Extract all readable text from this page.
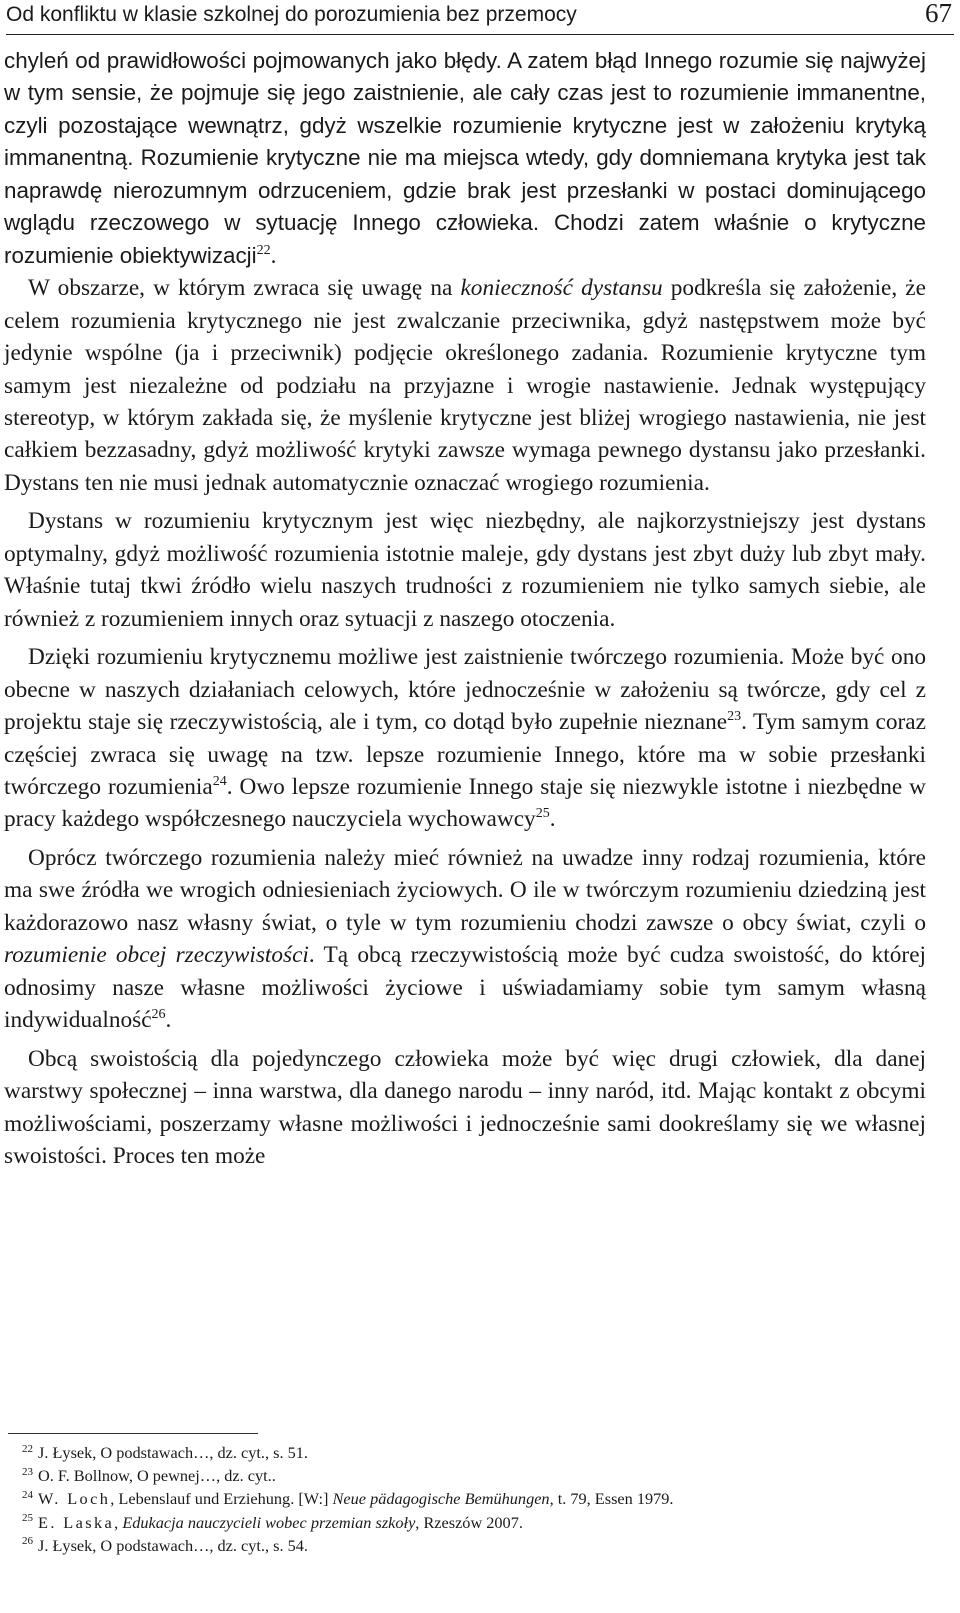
Od konfliktu w klasie szkolnej do porozumienia bez przemocy	67

chyleń od prawidłowości pojmowanych jako błędy. A zatem błąd Innego rozumie się najwyżej w tym sensie, że pojmuje się jego zaistnienie, ale cały czas jest to rozumienie immanentne, czyli pozostające wewnątrz, gdyż wszelkie rozumienie krytyczne jest w założeniu krytyką immanentną. Rozumienie krytyczne nie ma miejsca wtedy, gdy domniemana krytyka jest tak naprawdę nierozumnym odrzuceniem, gdzie brak jest przesłanki w postaci dominującego wglądu rzeczowego w sytuację Innego człowieka. Chodzi zatem właśnie o krytyczne rozumienie obiektywizacji$^{22}$.

W obszarze, w którym zwraca się uwagę na konieczność dystansu podkreśla się założenie, że celem rozumienia krytycznego nie jest zwalczanie przeciwnika, gdyż następstwem może być jedynie wspólne (ja i przeciwnik) podjęcie określonego zadania. Rozumienie krytyczne tym samym jest niezależne od podziału na przyjazne i wrogie nastawienie. Jednak występujący stereotyp, w którym zakłada się, że myślenie krytyczne jest bliżej wrogiego nastawienia, nie jest całkiem bezzasadny, gdyż możliwość krytyki zawsze wymaga pewnego dystansu jako przesłanki. Dystans ten nie musi jednak automatycznie oznaczać wrogiego rozumienia.

Dystans w rozumieniu krytycznym jest więc niezbędny, ale najkorzystniejszy jest dystans optymalny, gdyż możliwość rozumienia istotnie maleje, gdy dystans jest zbyt duży lub zbyt mały. Właśnie tutaj tkwi źródło wielu naszych trudności z rozumieniem nie tylko samych siebie, ale również z rozumieniem innych oraz sytuacji z naszego otoczenia.

Dzięki rozumieniu krytycznemu możliwe jest zaistnienie twórczego rozumienia. Może być ono obecne w naszych działaniach celowych, które jednocześnie w założeniu są twórcze, gdy cel z projektu staje się rzeczywistością, ale i tym, co dotąd było zupełnie nieznane$^{23}$. Tym samym coraz częściej zwraca się uwagę na tzw. lepsze rozumienie Innego, które ma w sobie przesłanki twórczego rozumienia$^{24}$. Owo lepsze rozumienie Innego staje się niezwykle istotne i niezbędne w pracy każdego współczesnego nauczyciela wychowawcy$^{25}$.

Oprócz twórczego rozumienia należy mieć również na uwadze inny rodzaj rozumienia, które ma swe źródła we wrogich odniesieniach życiowych. O ile w twórczym rozumieniu dziedziną jest każdorazowo nasz własny świat, o tyle w tym rozumieniu chodzi zawsze o obcy świat, czyli o rozumienie obcej rzeczywistości. Tą obcą rzeczywistością może być cudza swoistość, do której odnosimy nasze własne możliwości życiowe i uświadamiamy sobie tym samym własną indywidualność$^{26}$.

Obcą swoistością dla pojedynczego człowieka może być więc drugi człowiek, dla danej warstwy społecznej – inna warstwa, dla danego narodu – inny naród, itd. Mając kontakt z obcymi możliwościami, poszerzamy własne możliwości i jednocześnie sami dookreślamy się we własnej swoistości. Proces ten może

$^{22}$ J. Łysek, O podstawach…, dz. cyt., s. 51.
$^{23}$ O. F. Bollnow, O pewnej…, dz. cyt..
$^{24}$ W. Loch, Lebenslauf und Erziehung. [W:] Neue pädagogische Bemühungen, t. 79, Essen 1979.
$^{25}$ E. Laska, Edukacja nauczycieli wobec przemian szkoły, Rzeszów 2007.
$^{26}$ J. Łysek, O podstawach…, dz. cyt., s. 54.
